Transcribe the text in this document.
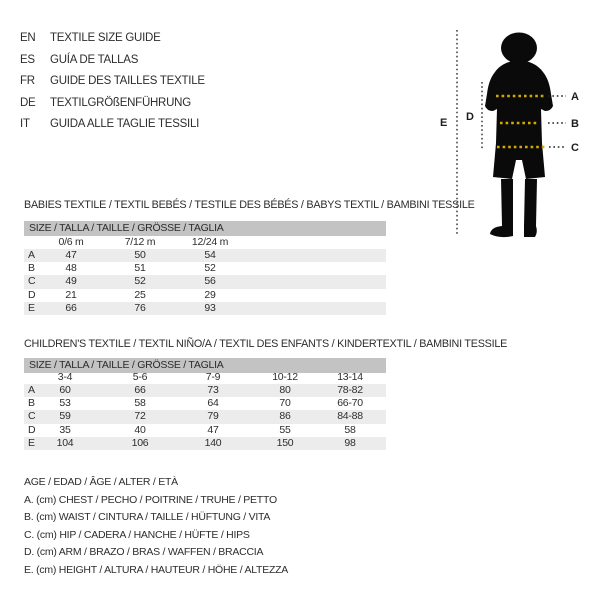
EN	TEXTILE SIZE GUIDE
ES	GUÍA DE TALLAS
FR	GUIDE DES TAILLES TEXTILE
DE	TEXTILGRÖßENFÜHRUNG
IT	GUIDA ALLE TAGLIE TESSILI	E D
A
B
C
BABIES TEXTILE / TEXTIL BEBÉS / TESTILE DES BÉBÉS / BABYS TEXTIL / BAMBINI TESSILE
SIZE / TALLA / TAILLE / GRÖSSE / TAGLIA
0/6 m	7/12 m	12/24 m
A	47	50	54
B	48	51	52
C	49	52	56
D	21	25	29
E	66	76	93
CHILDREN'S TEXTILE / TEXTIL NIÑO/A / TEXTIL DES ENFANTS / KINDERTEXTIL / BAMBINI TESSILE
SIZE / TALLA / TAILLE / GRÖSSE / TAGLIA
3-4	5-6	7-9	10-12	13-14
A	60	66	73	80	78-82
B	53	58	64	70	66-70
C	59	72	79	86	84-88
D	35	40	47	55	58
E	104	106	140	150	98
AGE / EDAD / ÂGE / ALTER / ETÀ
A. (cm) CHEST / PECHO / POITRINE / TRUHE / PETTO
B. (cm) WAIST / CINTURA / TAILLE / HÜFTUNG / VITA
C. (cm) HIP / CADERA / HANCHE / HÜFTE / HIPS
D. (cm) ARM / BRAZO / BRAS / WAFFEN / BRACCIA
E. (cm) HEIGHT / ALTURA / HAUTEUR / HÖHE / ALTEZZA
